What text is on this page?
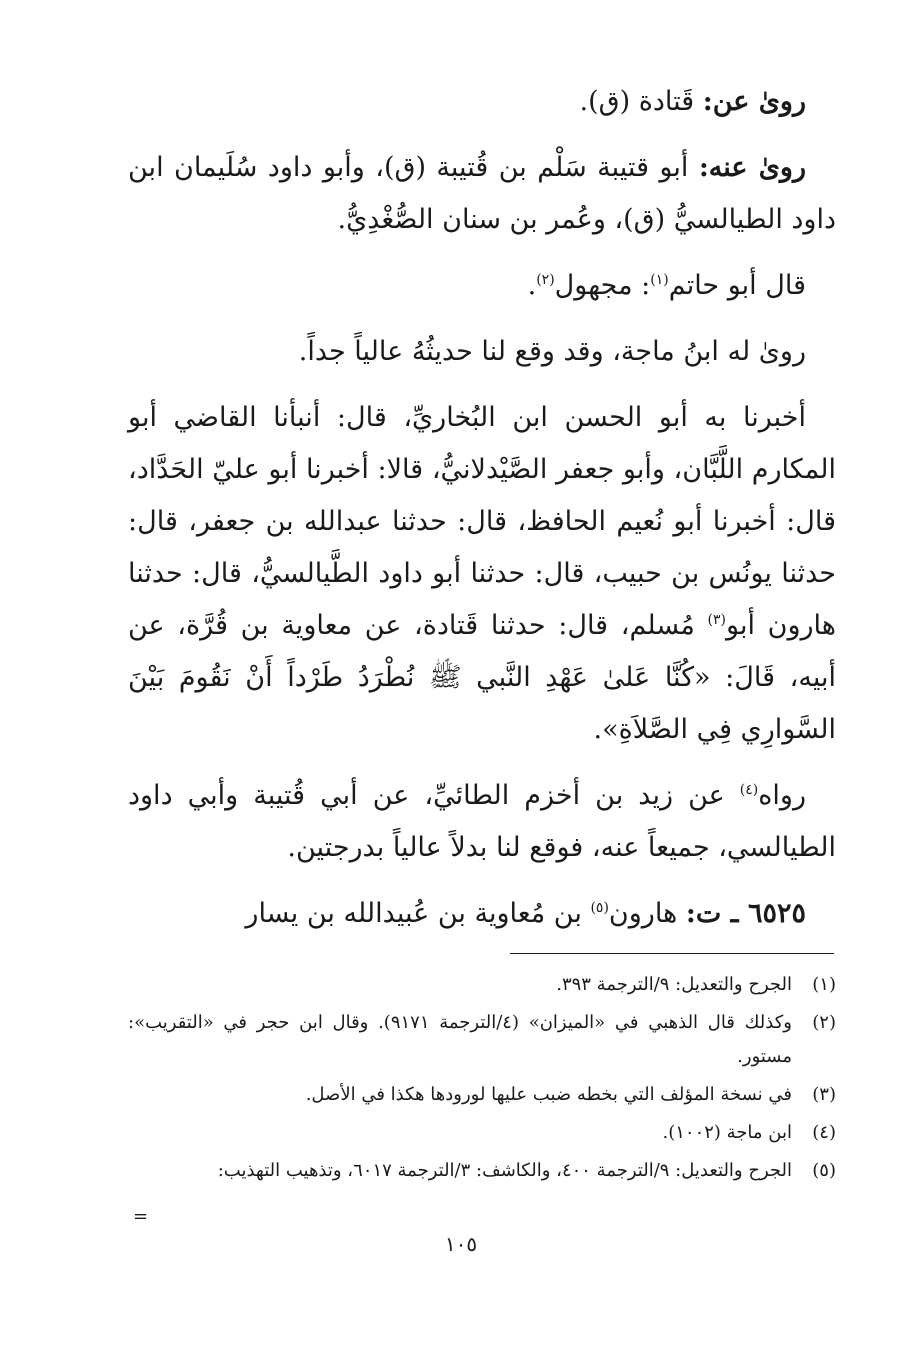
روىٰ عن: قَتادة (ق).

روىٰ عنه: أبو قتيبة سَلْم بن قُتيبة (ق)، وأبو داود سُلَيمان ابن داود الطيالسيُّ (ق)، وعُمر بن سنان الصُّغْدِيُّ.

قال أبو حاتم$^{(١)}$: مجهول$^{(٢)}$.

روىٰ له ابنُ ماجة، وقد وقع لنا حديثُهُ عالياً جداً.

أخبرنا به أبو الحسن ابن البُخاريِّ، قال: أنبأنا القاضي أبو المكارم اللَّبَّان، وأبو جعفر الصَّيْدلانيُّ، قالا: أخبرنا أبو عليّ الحَدَّاد، قال: أخبرنا أبو نُعيم الحافظ، قال: حدثنا عبدالله بن جعفر، قال: حدثنا يونُس بن حبيب، قال: حدثنا أبو داود الطَّيالسيُّ، قال: حدثنا هارون أبو$^{(٣)}$ مُسلم، قال: حدثنا قَتادة، عن معاوية بن قُرَّة، عن أبيه، قَالَ: «كُنَّا عَلىٰ عَهْدِ النَّبي ﷺ نُطْرَدُ طَرْداً أَنْ نَقُومَ بَيْنَ السَّوارِي فِي الصَّلاَةِ».

رواه$^{(٤)}$ عن زيد بن أخزم الطائيِّ، عن أبي قُتيبة وأبي داود الطيالسي، جميعاً عنه، فوقع لنا بدلاً عالياً بدرجتين.

٦٥٢٥ ـ ت: هارون$^{(٥)}$ بن مُعاوية بن عُبيدالله بن يسار

(١)
الجرح والتعديل: ٩/الترجمة ٣٩٣.
(٢)
وكذلك قال الذهبي في «الميزان» (٤/الترجمة ٩١٧١). وقال ابن حجر في «التقريب»: مستور.
(٣)
في نسخة المؤلف التي بخطه ضبب عليها لورودها هكذا في الأصل.
(٤)
ابن ماجة (١٠٠٢).
(٥)
الجرح والتعديل: ٩/الترجمة ٤٠٠، والكاشف: ٣/الترجمة ٦٠١٧، وتذهيب التهذيب:
=
١٠٥
